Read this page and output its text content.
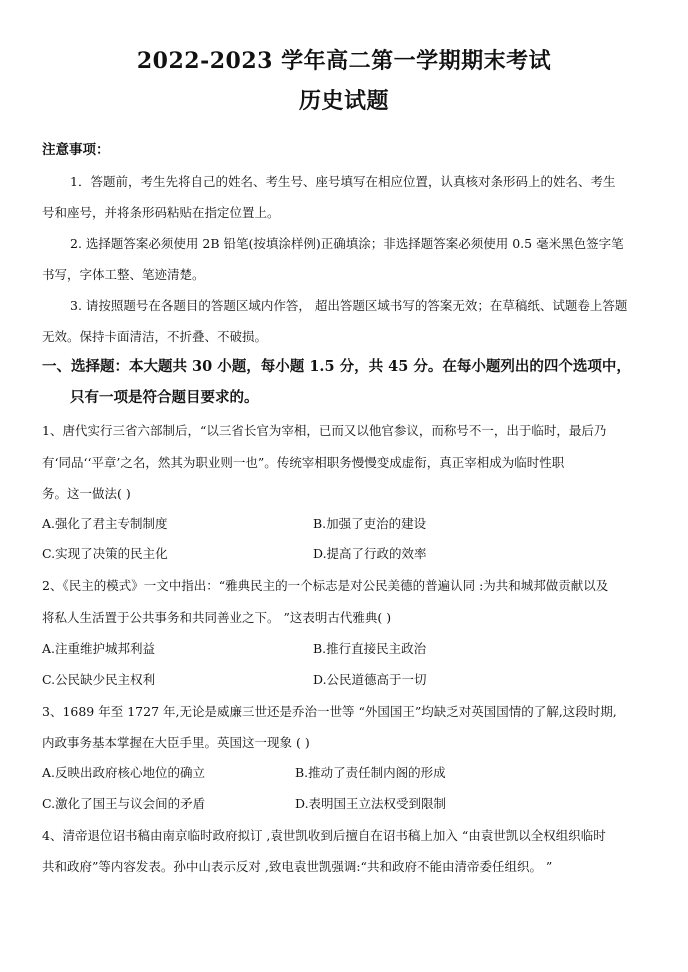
2022-2023 学年高二第一学期期末考试
历史试题
注意事项：
1．答题前，考生先将自己的姓名、考生号、座号填写在相应位置，认真核对条形码上的姓名、考生
号和座号，并将条形码粘贴在指定位置上。
2. 选择题答案必须使用 2B 铅笔(按填涂样例)正确填涂；非选择题答案必须使用 0.5 毫米黑色签字笔
书写，字体工整、笔迹清楚。
3. 请按照题号在各题目的答题区域内作答， 超出答题区域书写的答案无效；在草稿纸、试题卷上答题
无效。保持卡面清洁，不折叠、不破损。
一、选择题：本大题共 30 小题，每小题 1.5 分，共 45 分。在每小题列出的四个选项中，
只有一项是符合题目要求的。
1、唐代实行三省六部制后，“以三省长官为宰相，已而又以他官参议，而称号不一，出于临时，最后乃
有‘同品‘‘平章’之名，然其为职业则一也”。传统宰相职务慢慢变成虚衔，真正宰相成为临时性职
务。这一做法( )
A.强化了君主专制制度	B.加强了吏治的建设
C.实现了决策的民主化	D.提高了行政的效率
2、《民主的模式》一文中指出：“雅典民主的一个标志是对公民美德的普遍认同 :为共和城邦做贡献以及
将私人生活置于公共事务和共同善业之下。 ”这表明古代雅典( )
A.注重维护城邦利益	B.推行直接民主政治
C.公民缺少民主权利	D.公民道德高于一切
3、1689 年至 1727 年,无论是威廉三世还是乔治一世等 “外国国王”均缺乏对英国国情的了解,这段时期,
内政事务基本掌握在大臣手里。英国这一现象 ( )
A.反映出政府核心地位的确立	B.推动了责任制内阁的形成
C.激化了国王与议会间的矛盾	D.表明国王立法权受到限制
4、清帝退位诏书稿由南京临时政府拟订 ,袁世凯收到后擅自在诏书稿上加入 “由袁世凯以全权组织临时
共和政府”等内容发表。孙中山表示反对 ,致电袁世凯强调:“共和政府不能由清帝委任组织。 ”
